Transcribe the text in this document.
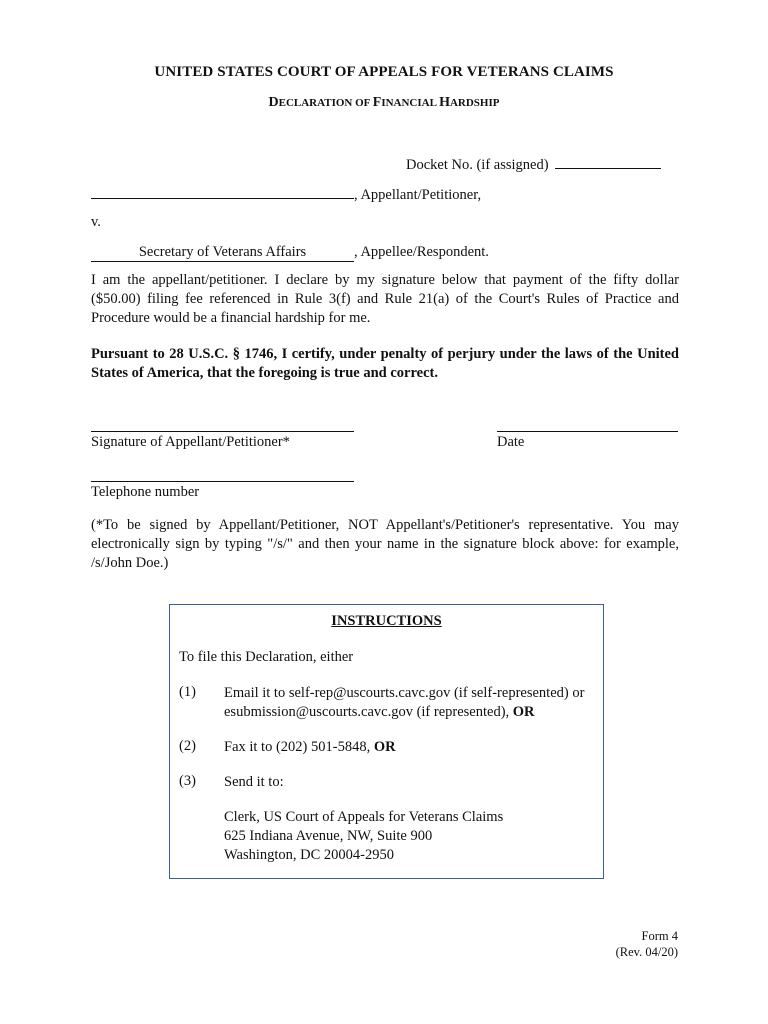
UNITED STATES COURT OF APPEALS FOR VETERANS CLAIMS
DECLARATION OF FINANCIAL HARDSHIP
Docket No. (if assigned)
, Appellant/Petitioner,
v.
Secretary of Veterans Affairs	, Appellee/Respondent.
I am the appellant/petitioner. I declare by my signature below that payment of the fifty dollar ($50.00) filing fee referenced in Rule 3(f) and Rule 21(a) of the Court's Rules of Practice and Procedure would be a financial hardship for me.
Pursuant to 28 U.S.C. § 1746, I certify, under penalty of perjury under the laws of the United States of America, that the foregoing is true and correct.
Signature of Appellant/Petitioner*	Date
Telephone number
(*To be signed by Appellant/Petitioner, NOT Appellant's/Petitioner's representative. You may electronically sign by typing "/s/" and then your name in the signature block above: for example, /s/John Doe.)
INSTRUCTIONS
To file this Declaration, either
(1) Email it to self-rep@uscourts.cavc.gov (if self-represented) or
esubmission@uscourts.cavc.gov (if represented), OR
(2) Fax it to (202) 501-5848, OR
(3) Send it to:
Clerk, US Court of Appeals for Veterans Claims
625 Indiana Avenue, NW, Suite 900
Washington, DC 20004-2950
Form 4
(Rev. 04/20)
